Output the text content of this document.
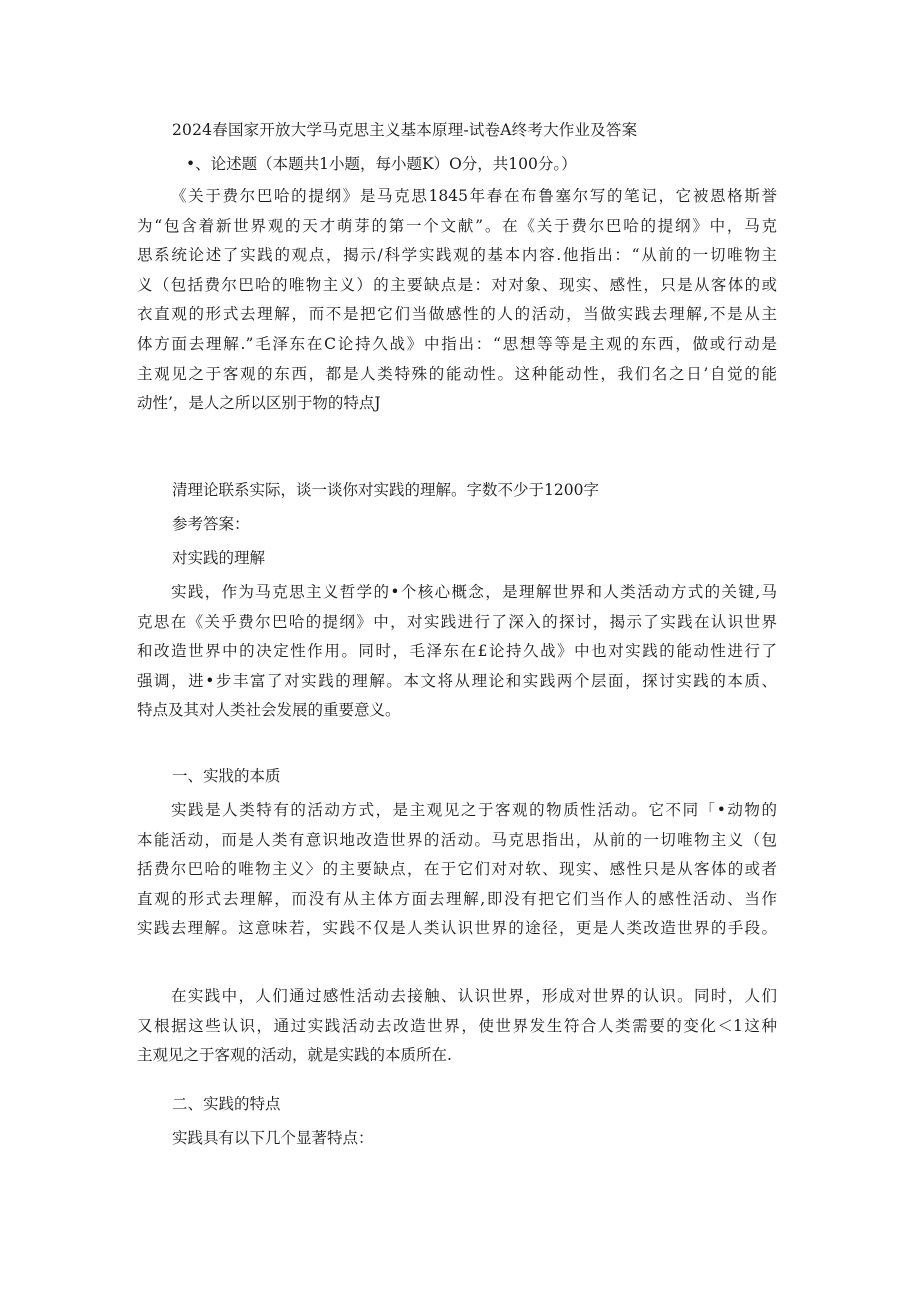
2024春国家开放大学马克思主义基本原理-试卷A终考大作业及答案
•、论述题（本题共1小题，每小题K）O分，共100分。）
《关于费尔巴哈的提纲》是马克思1845年春在布鲁塞尔写的笔记，它被恩格斯誉
为“包含着新世界观的天才萌芽的第一个文献”。在《关于费尔巴哈的提纲》中，马克
思系统论述了实践的观点，揭示/科学实践观的基本内容.他指出：“从前的一切唯物主
义（包括费尔巴哈的唯物主义）的主要缺点是：对对象、现实、感性，只是从客体的或
衣直观的形式去理解，而不是把它们当做感性的人的活动，当做实践去理解,不是从主
体方面去理解.”毛泽东在C论持久战》中指出：“思想等等是主观的东西，做或行动是
主观见之于客观的东西，都是人类特殊的能动性。这种能动性，我们名之日’自觉的能
动性’，是人之所以区别于物的特点J
清理论联系实际，谈一谈你对实践的理解。字数不少于1200字
参考答案：
对实践的理解
实践，作为马克思主义哲学的•个核心概念，是理解世界和人类活动方式的关键,马
克思在《关乎费尔巴哈的提纲》中，对实践进行了深入的探讨，揭示了实践在认识世界
和改造世界中的决定性作用。同时，毛泽东在£论持久战》中也对实践的能动性进行了
强调，进•步丰富了对实践的理解。本文将从理论和实践两个层面，探讨实践的本质、
特点及其对人类社会发展的重要意义。
一、实戕的本质
实践是人类特有的活动方式，是主观见之于客观的物质性活动。它不同「•动物的
本能活动，而是人类有意识地改造世界的活动。马克思指出，从前的一切唯物主义（包
括费尔巴哈的唯物主义〉的主要缺点，在于它们对对软、现实、感性只是从客体的或者
直观的形式去理解，而没有从主体方面去理解,即没有把它们当作人的感性活动、当作
实践去理解。这意味若，实践不仅是人类认识世界的途径，更是人类改造世界的手段。
在实践中，人们通过感性活动去接触、认识世界，形成对世界的认识。同时，人们
又根据这些认识，通过实践活动去改造世界，使世界发生符合人类需要的变化＜1这种
主观见之于客观的活动，就是实践的本质所在.
二、实践的特点
实践具有以下几个显著特点：
